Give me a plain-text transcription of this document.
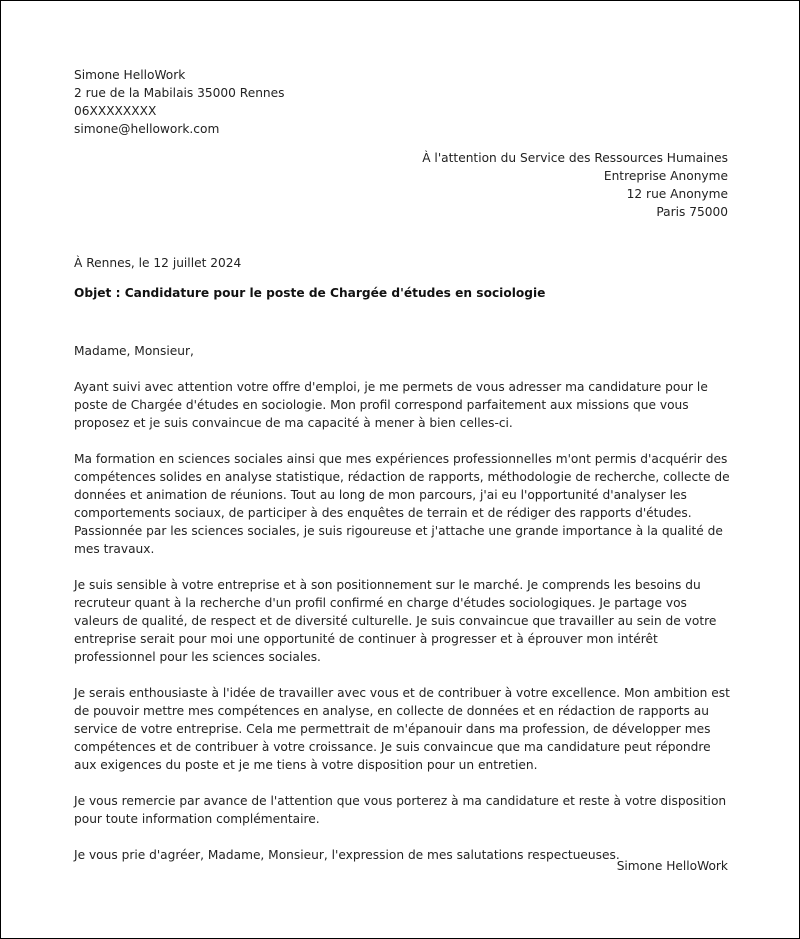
Simone HelloWork
2 rue de la Mabilais 35000 Rennes
06XXXXXXXX
simone@hellowork.com
À l'attention du Service des Ressources Humaines
Entreprise Anonyme
12 rue Anonyme
Paris 75000
À Rennes, le 12 juillet 2024
Objet : Candidature pour le poste de Chargée d'études en sociologie

Madame, Monsieur,

Ayant suivi avec attention votre offre d'emploi, je me permets de vous adresser ma candidature pour le poste de Chargée d'études en sociologie. Mon profil correspond parfaitement aux missions que vous proposez et je suis convaincue de ma capacité à mener à bien celles-ci.

Ma formation en sciences sociales ainsi que mes expériences professionnelles m'ont permis d'acquérir des compétences solides en analyse statistique, rédaction de rapports, méthodologie de recherche, collecte de données et animation de réunions. Tout au long de mon parcours, j'ai eu l'opportunité d'analyser les comportements sociaux, de participer à des enquêtes de terrain et de rédiger des rapports d'études. Passionnée par les sciences sociales, je suis rigoureuse et j'attache une grande importance à la qualité de mes travaux.

Je suis sensible à votre entreprise et à son positionnement sur le marché. Je comprends les besoins du recruteur quant à la recherche d'un profil confirmé en charge d'études sociologiques. Je partage vos valeurs de qualité, de respect et de diversité culturelle. Je suis convaincue que travailler au sein de votre entreprise serait pour moi une opportunité de continuer à progresser et à éprouver mon intérêt professionnel pour les sciences sociales.

Je serais enthousiaste à l'idée de travailler avec vous et de contribuer à votre excellence. Mon ambition est de pouvoir mettre mes compétences en analyse, en collecte de données et en rédaction de rapports au service de votre entreprise. Cela me permettrait de m'épanouir dans ma profession, de développer mes compétences et de contribuer à votre croissance. Je suis convaincue que ma candidature peut répondre aux exigences du poste et je me tiens à votre disposition pour un entretien.

Je vous remercie par avance de l'attention que vous porterez à ma candidature et reste à votre disposition pour toute information complémentaire.

Je vous prie d'agréer, Madame, Monsieur, l'expression de mes salutations respectueuses.

Simone HelloWork
